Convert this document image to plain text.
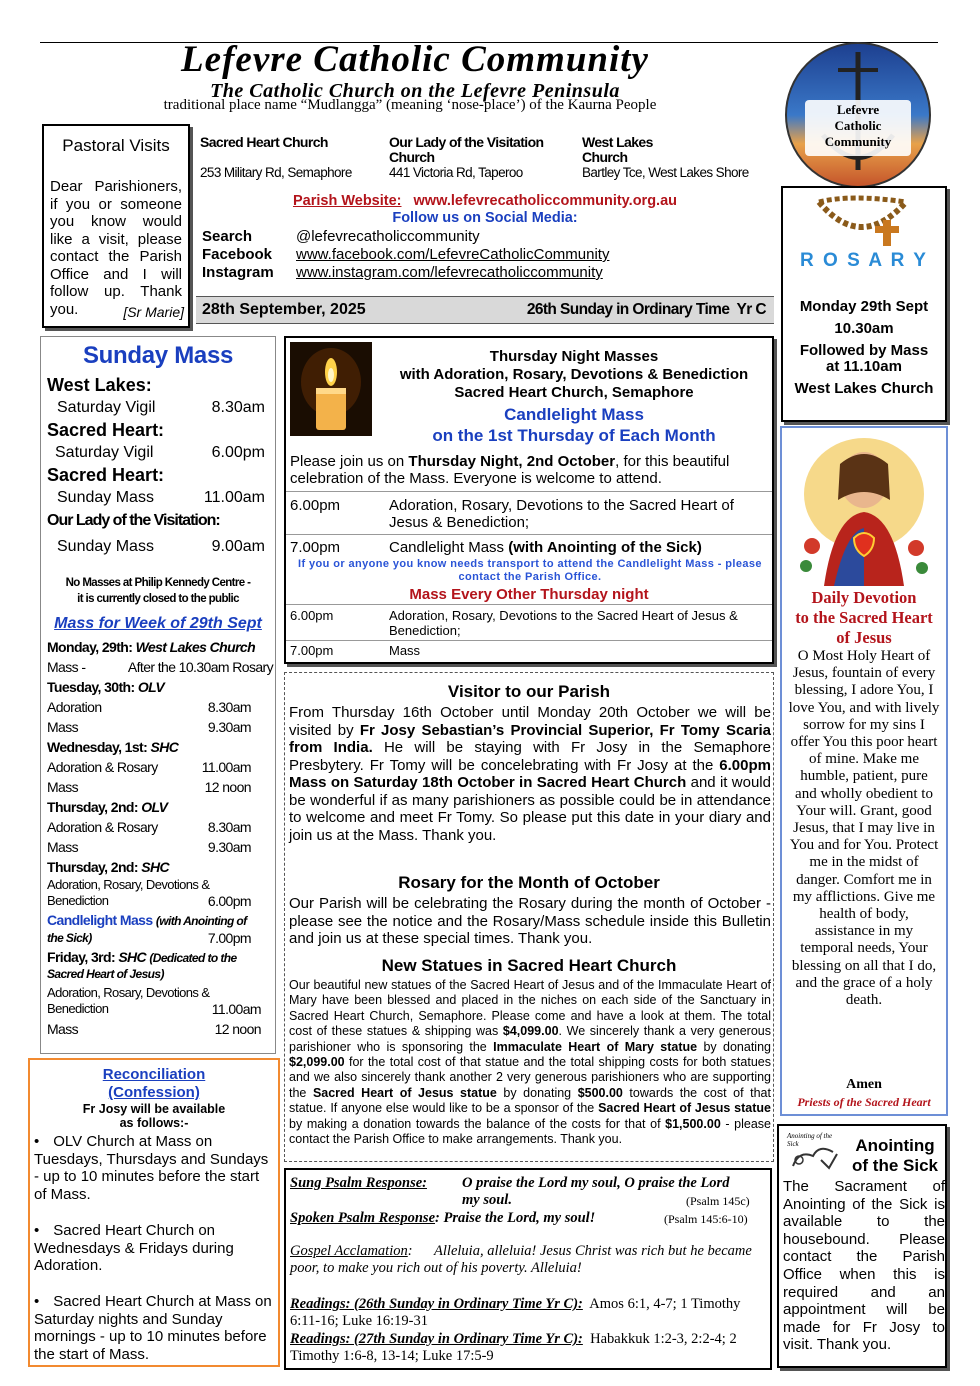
Lefevre Catholic Community
The Catholic Church on the Lefevre Peninsula
traditional place name “Mudlangga” (meaning ‘nose-place’) of the Kaurna People	Lefevre
Catholic
Community
Pastoral Visits
Dear Parishioners, if you or someone you know would like a visit, please contact the Parish Office and I will follow up. Thank you.	[Sr Marie]
Sacred Heart Church
253 Military Rd, Semaphore
Our Lady of the Visitation Church
441 Victoria Rd, Taperoo
West Lakes Church
Bartley Tce, West Lakes Shore
Parish Website: www.lefevrecatholiccommunity.org.au
Follow us on Social Media:
Search	@lefevrecatholiccommunity
Facebook www.facebook.com/LefevreCatholicCommunity
Instagram www.instagram.com/lefevrecatholiccommunity
28th September, 2025	26th Sunday in Ordinary Time  Yr C
R O S A R Y
Monday 29th Sept
10.30am
Followed by Mass
at 11.10am
West Lakes Church
Sunday Mass
West Lakes:
Saturday Vigil	8.30am
Sacred Heart:
Saturday Vigil	6.00pm
Sacred Heart:
Sunday Mass	11.00am
Our Lady of the Visitation:
Sunday Mass	9.00am
No Masses at Philip Kennedy Centre -
it is currently closed to the public
Mass for Week of 29th Sept
Monday, 29th: West Lakes Church
Mass -	After the 10.30am Rosary
Tuesday, 30th: OLV
Adoration	8.30am
Mass	9.30am
Wednesday, 1st: SHC
Adoration & Rosary	11.00am
Mass	12 noon
Thursday, 2nd: OLV
Adoration & Rosary	8.30am
Mass	9.30am
Thursday, 2nd: SHC
Adoration, Rosary, Devotions &
Benediction	6.00pm
Candlelight Mass (with Anointing of
the Sick)	7.00pm
Friday, 3rd: SHC (Dedicated to the
Sacred Heart of Jesus)
Adoration, Rosary, Devotions &
Benediction	11.00am
Mass	12 noon
Thursday Night Masses
with Adoration, Rosary, Devotions & Benediction
Sacred Heart Church, Semaphore
Candlelight Mass
on the 1st Thursday of Each Month
Please join us on Thursday Night, 2nd October, for this beautiful celebration of the Mass. Everyone is welcome to attend.
6.00pm	Adoration, Rosary, Devotions to the Sacred Heart of Jesus & Benediction;
7.00pm	Candlelight Mass (with Anointing of the Sick)
If you or anyone you know needs transport to attend the Candlelight Mass - please contact the Parish Office.
Mass Every Other Thursday night
6.00pm	Adoration, Rosary, Devotions to the Sacred Heart of Jesus & Benediction;
7.00pm	Mass
Visitor to our Parish
From Thursday 16th October until Monday 20th October we will be visited by Fr Josy Sebastian’s Provincial Superior, Fr Tomy Scaria from India. He will be staying with Fr Josy in the Semaphore Presbytery. Fr Tomy will be concelebrating with Fr Josy at the 6.00pm Mass on Saturday 18th October in Sacred Heart Church and it would be wonderful if as many parishioners as possible could be in attendance to welcome and meet Fr Tomy. So please put this date in your diary and join us at the Mass. Thank you.
Rosary for the Month of October
Our Parish will be celebrating the Rosary during the month of October - please see the notice and the Rosary/Mass schedule inside this Bulletin and join us at these special times. Thank you.
New Statues in Sacred Heart Church
Our beautiful new statues of the Sacred Heart of Jesus and of the Immaculate Heart of Mary have been blessed and placed in the niches on each side of the Sanctuary in Sacred Heart Church, Semaphore. Please come and have a look at them. The total cost of these statues & shipping was $4,099.00. We sincerely thank a very generous parishioner who is sponsoring the Immaculate Heart of Mary statue by donating $2,099.00 for the total cost of that statue and the total shipping costs for both statues and we also sincerely thank another 2 very generous parishioners who are supporting the Sacred Heart of Jesus statue by donating $500.00 towards the cost of that statue. If anyone else would like to be a sponsor of the Sacred Heart of Jesus statue by making a donation towards the balance of the costs for that of $1,500.00 - please contact the Parish Office to make arrangements. Thank you.
Sung Psalm Response: O praise the Lord my soul, O praise the Lord
my soul.	(Psalm 145c)
Spoken Psalm Response: Praise the Lord, my soul!	(Psalm 145:6-10)
Gospel Acclamation:      Alleluia, alleluia! Jesus Christ was rich but he became poor, to make you rich out of his poverty. Alleluia!
Readings: (26th Sunday in Ordinary Time Yr C):  Amos 6:1, 4-7; 1 Timothy 6:11-16; Luke 16:19-31
Readings: (27th Sunday in Ordinary Time Yr C):  Habakkuk 1:2-3, 2:2-4; 2 Timothy 1:6-8, 13-14; Luke 17:5-9
Reconciliation
(Confession)
Fr Josy will be available
as follows:-
• OLV Church at Mass on Tuesdays, Thursdays and Sundays - up to 10 minutes before the start of Mass.
• Sacred Heart Church on Wednesdays & Fridays during Adoration.
• Sacred Heart Church at Mass on Saturday nights and Sunday mornings - up to 10 minutes before the start of Mass.
Daily Devotion
to the Sacred Heart
of Jesus
O Most Holy Heart of Jesus, fountain of every blessing, I adore You, I love You, and with lively sorrow for my sins I offer You this poor heart of mine. Make me humble, patient, pure and wholly obedient to Your will. Grant, good Jesus, that I may live in You and for You. Protect me in the midst of danger. Comfort me in my afflictions. Give me health of body, assistance in my temporal needs, Your blessing on all that I do, and the grace of a holy death.
Amen
Priests of the Sacred Heart
Anointing of the Sick	Anointing
of the Sick
The Sacrament of Anointing of the Sick is available to the housebound. Please contact the Parish Office when this is required and an appointment will be made for Fr Josy to visit. Thank you.
